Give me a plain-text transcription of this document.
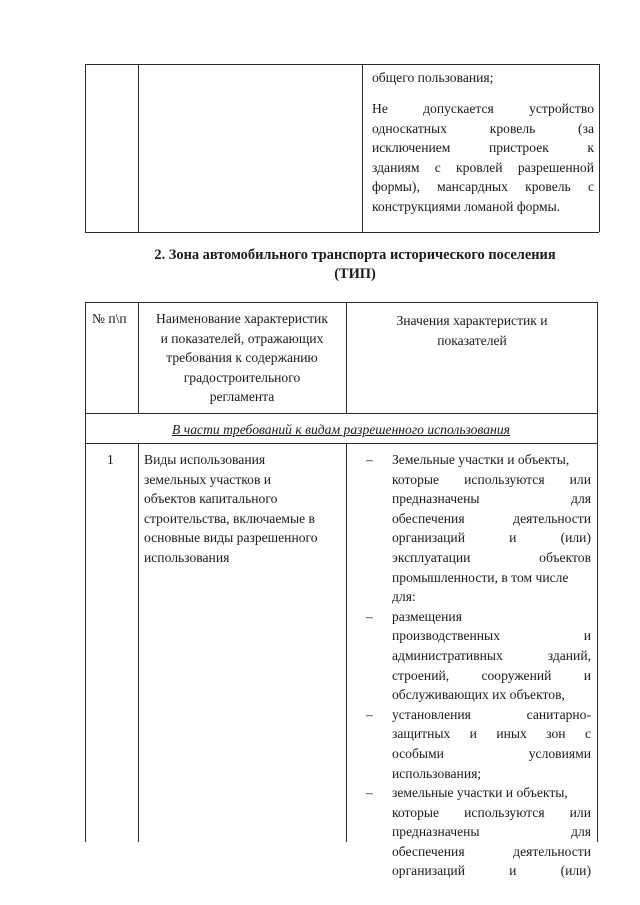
общего пользования;
Не допускается устройство
односкатных кровель (за
исключением пристроек к
зданиям с кровлей разрешенной
формы), мансардных кровель с
конструкциями ломаной формы.
2. Зона автомобильного транспорта исторического поселения
(ТИП)
№ п\п	Наименование характеристик
и показателей, отражающих
требования к содержанию
градостроительного
регламента
Значения характеристик и
показателей
В части требований к видам разрешенного использования
1 Виды использования
земельных участков и
объектов капитального
строительства, включаемые в
основные виды разрешенного
использования
– Земельные участки и объекты,
которые используются или
предназначены для
обеспечения деятельности
организаций и (или)
эксплуатации объектов
промышленности, в том числе
для:
– размещения
производственных и
административных зданий,
строений, сооружений и
обслуживающих их объектов,
– установления санитарно-
защитных и иных зон с
особыми условиями
использования;
– земельные участки и объекты,
которые используются или
предназначены для
обеспечения деятельности
организаций и (или)
